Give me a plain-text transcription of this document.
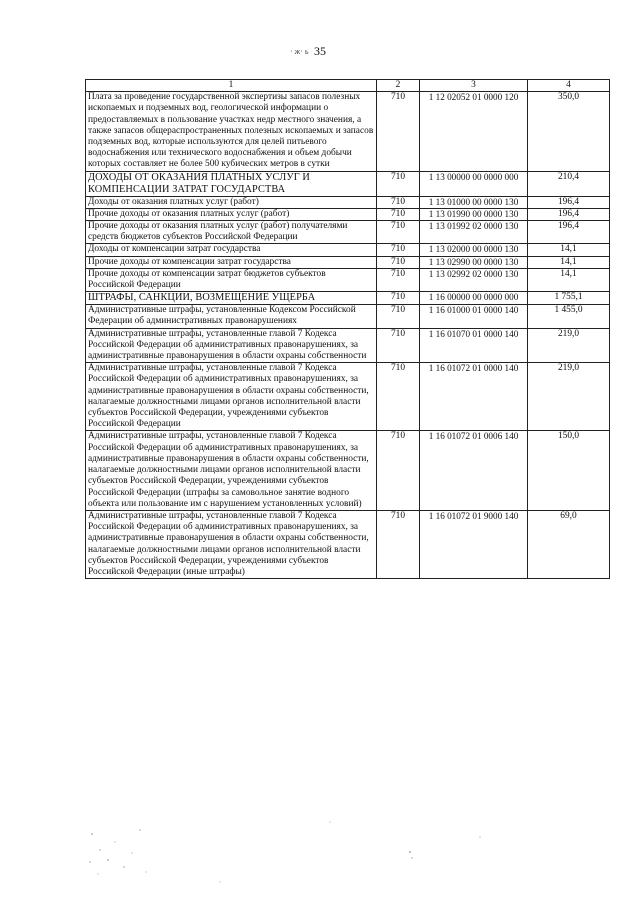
· ж· ь 35
1	2	3	4
Плата за проведение государственной экспертизы запасов полезных ископаемых и подземных вод, геологической информации о предоставляемых в пользование участках недр местного значения, а также запасов общераспространенных полезных ископаемых и запасов подземных вод, которые используются для целей питьевого водоснабжения или технического водоснабжения и объем добычи которых составляет не более 500 кубических метров в сутки	710	1 12 02052 01 0000 120	350,0
ДОХОДЫ ОТ ОКАЗАНИЯ ПЛАТНЫХ УСЛУГ И КОМПЕНСАЦИИ ЗАТРАТ ГОСУДАРСТВА	710	1 13 00000 00 0000 000	210,4
Доходы от оказания платных услуг (работ)	710	1 13 01000 00 0000 130	196,4
Прочие доходы от оказания платных услуг (работ)	710	1 13 01990 00 0000 130	196,4
Прочие доходы от оказания платных услуг (работ) получателями средств бюджетов субъектов Российской Федерации	710	1 13 01992 02 0000 130	196,4
Доходы от компенсации затрат государства	710	1 13 02000 00 0000 130	14,1
Прочие доходы от компенсации затрат государства	710	1 13 02990 00 0000 130	14,1
Прочие доходы от компенсации затрат бюджетов субъектов Российской Федерации	710	1 13 02992 02 0000 130	14,1
ШТРАФЫ, САНКЦИИ, ВОЗМЕЩЕНИЕ УЩЕРБА	710	1 16 00000 00 0000 000	1 755,1
Административные штрафы, установленные Кодексом Российской Федерации об административных правонарушениях	710	1 16 01000 01 0000 140	1 455,0
Административные штрафы, установленные главой 7 Кодекса Российской Федерации об административных правонарушениях, за административные правонарушения в области охраны собственности	710	1 16 01070 01 0000 140	219,0
Административные штрафы, установленные главой 7 Кодекса Российской Федерации об административных правонарушениях, за административные правонарушения в области охраны собственности, налагаемые должностными лицами органов исполнительной власти субъектов Российской Федерации, учреждениями субъектов Российской Федерации	710	1 16 01072 01 0000 140	219,0
Административные штрафы, установленные главой 7 Кодекса Российской Федерации об административных правонарушениях, за административные правонарушения в области охраны собственности, налагаемые должностными лицами органов исполнительной власти субъектов Российской Федерации, учреждениями субъектов Российской Федерации (штрафы за самовольное занятие водного объекта или пользование им с нарушением установленных условий)	710	1 16 01072 01 0006 140	150,0
Административные штрафы, установленные главой 7 Кодекса Российской Федерации об административных правонарушениях, за административные правонарушения в области охраны собственности, налагаемые должностными лицами органов исполнительной власти субъектов Российской Федерации, учреждениями субъектов Российской Федерации (иные штрафы)	710	1 16 01072 01 9000 140	69,0
